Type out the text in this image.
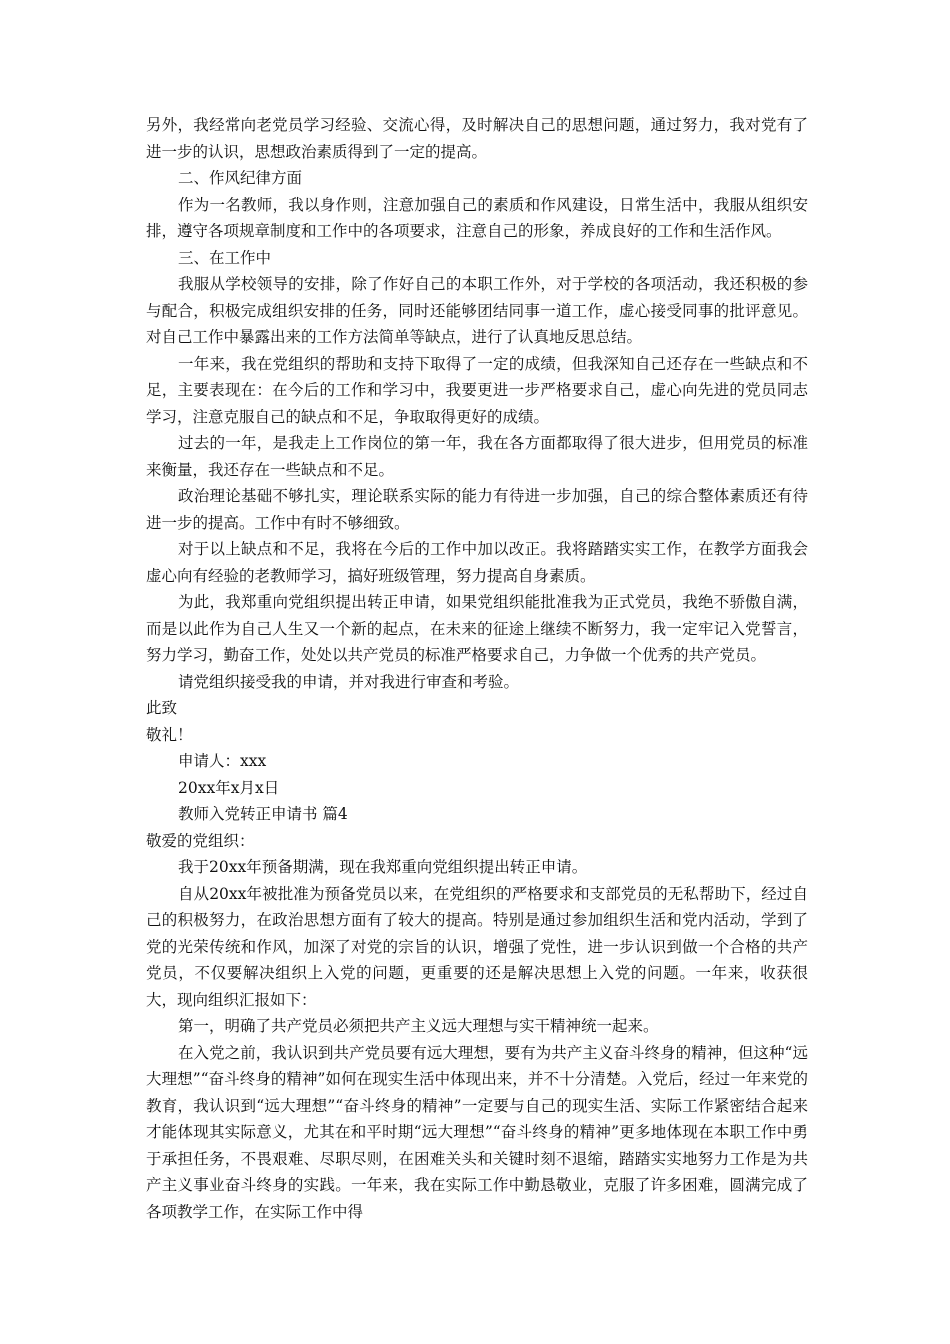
另外，我经常向老党员学习经验、交流心得，及时解决自己的思想问题，通过努力，我对党有了进一步的认识，思想政治素质得到了一定的提高。

二、作风纪律方面

作为一名教师，我以身作则，注意加强自己的素质和作风建设，日常生活中，我服从组织安排，遵守各项规章制度和工作中的各项要求，注意自己的形象，养成良好的工作和生活作风。

三、在工作中

我服从学校领导的安排，除了作好自己的本职工作外，对于学校的各项活动，我还积极的参与配合，积极完成组织安排的任务，同时还能够团结同事一道工作，虚心接受同事的批评意见。对自己工作中暴露出来的工作方法简单等缺点，进行了认真地反思总结。

一年来，我在党组织的帮助和支持下取得了一定的成绩，但我深知自己还存在一些缺点和不足，主要表现在：在今后的工作和学习中，我要更进一步严格要求自己，虚心向先进的党员同志学习，注意克服自己的缺点和不足，争取取得更好的成绩。

过去的一年，是我走上工作岗位的第一年，我在各方面都取得了很大进步，但用党员的标准来衡量，我还存在一些缺点和不足。

政治理论基础不够扎实，理论联系实际的能力有待进一步加强，自己的综合整体素质还有待进一步的提高。工作中有时不够细致。

对于以上缺点和不足，我将在今后的工作中加以改正。我将踏踏实实工作，在教学方面我会虚心向有经验的老教师学习，搞好班级管理，努力提高自身素质。

为此，我郑重向党组织提出转正申请，如果党组织能批准我为正式党员，我绝不骄傲自满，而是以此作为自己人生又一个新的起点，在未来的征途上继续不断努力，我一定牢记入党誓言，努力学习，勤奋工作，处处以共产党员的标准严格要求自己，力争做一个优秀的共产党员。

请党组织接受我的申请，并对我进行审查和考验。

此致

敬礼！

申请人：xxx

20xx年x月x日

教师入党转正申请书 篇4

敬爱的党组织：

我于20xx年预备期满，现在我郑重向党组织提出转正申请。

自从20xx年被批准为预备党员以来，在党组织的严格要求和支部党员的无私帮助下，经过自己的积极努力，在政治思想方面有了较大的提高。特别是通过参加组织生活和党内活动，学到了党的光荣传统和作风，加深了对党的宗旨的认识，增强了党性，进一步认识到做一个合格的共产党员，不仅要解决组织上入党的问题，更重要的还是解决思想上入党的问题。一年来，收获很大，现向组织汇报如下：

第一，明确了共产党员必须把共产主义远大理想与实干精神统一起来。

在入党之前，我认识到共产党员要有远大理想，要有为共产主义奋斗终身的精神，但这种“远大理想”“奋斗终身的精神”如何在现实生活中体现出来，并不十分清楚。入党后，经过一年来党的教育，我认识到“远大理想”“奋斗终身的精神”一定要与自己的现实生活、实际工作紧密结合起来才能体现其实际意义，尤其在和平时期“远大理想”“奋斗终身的精神”更多地体现在本职工作中勇于承担任务，不畏艰难、尽职尽则，在困难关头和关键时刻不退缩，踏踏实实地努力工作是为共产主义事业奋斗终身的实践。一年来，我在实际工作中勤恳敬业，克服了许多困难，圆满完成了各项教学工作，在实际工作中得
